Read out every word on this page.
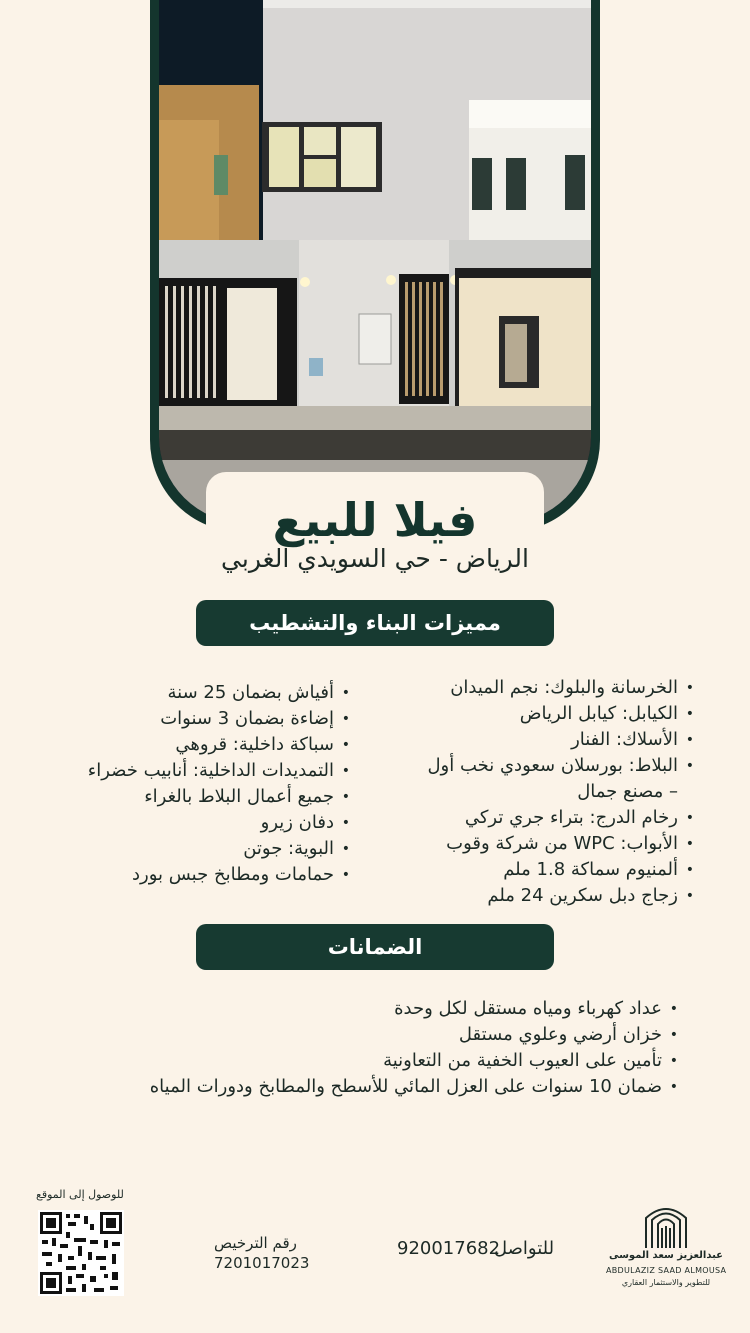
فيلا للبيع
الرياض - حي السويدي الغربي
مميزات البناء والتشطيب
• الخرسانة والبلوك: نجم الميدان
• الكيابل: كيابل الرياض
• الأسلاك: الفنار
• البلاط: بورسلان سعودي نخب أول
– مصنع جمال
• رخام الدرج: بتراء جري تركي
• الأبواب: WPC من شركة وقوب
• ألمنيوم سماكة 1.8 ملم
• زجاج دبل سكرين 24 ملم
• أفياش بضمان 25 سنة
• إضاءة بضمان 3 سنوات
• سباكة داخلية: قروهي
• التمديدات الداخلية: أنابيب خضراء
• جميع أعمال البلاط بالغراء
• دفان زيرو
• البوية: جوتن
• حمامات ومطابخ جبس بورد
الضمانات
• عداد كهرباء ومياه مستقل لكل وحدة
• خزان أرضي وعلوي مستقل
• تأمين على العيوب الخفية من التعاونية
• ضمان 10 سنوات على العزل المائي للأسطح والمطابخ ودورات المياه
للوصول إلى الموقع
رقم الترخيص
7201017023
920017682
للتواصل	عبدالعزيز سعد الموسى
ABDULAZIZ SAAD ALMOUSA
للتطوير والاستثمار العقاري
